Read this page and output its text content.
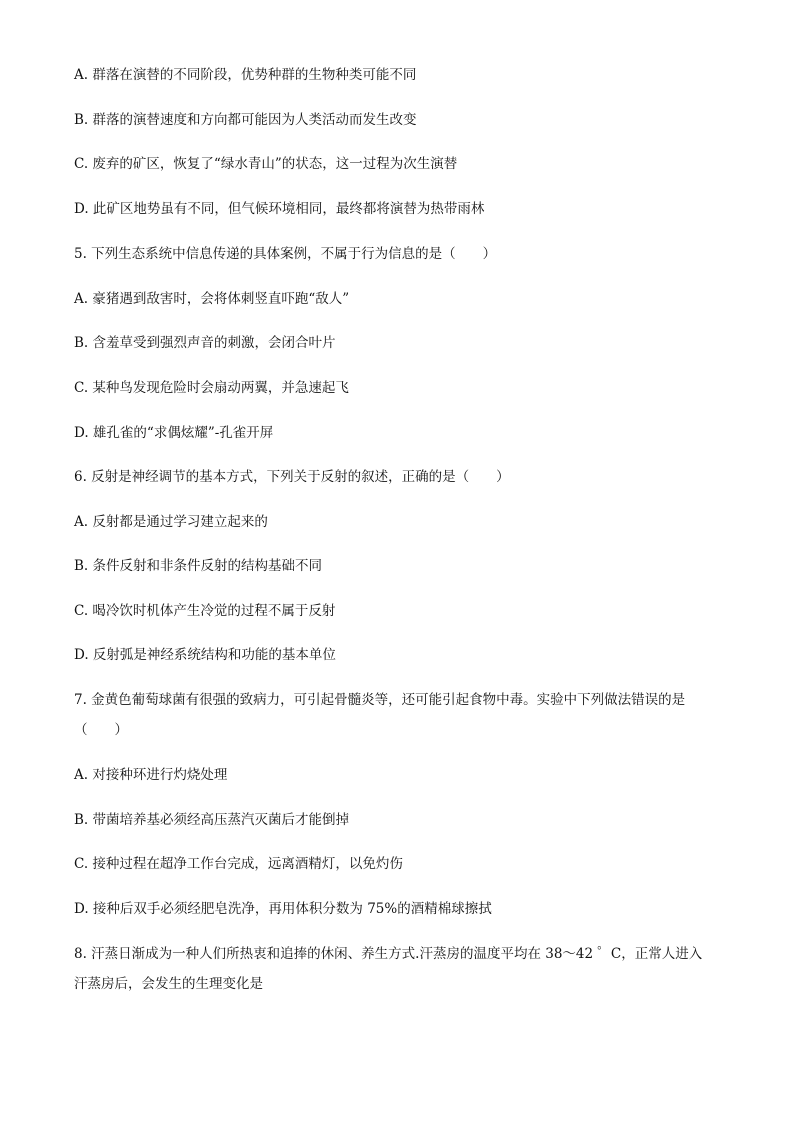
A. 群落在演替的不同阶段，优势种群的生物种类可能不同
B. 群落的演替速度和方向都可能因为人类活动而发生改变
C. 废弃的矿区，恢复了“绿水青山”的状态，这一过程为次生演替
D. 此矿区地势虽有不同，但气候环境相同，最终都将演替为热带雨林
5. 下列生态系统中信息传递的具体案例，不属于行为信息的是（　　）
A. 豪猪遇到敌害时，会将体刺竖直吓跑“敌人”
B. 含羞草受到强烈声音的刺激，会闭合叶片
C. 某种鸟发现危险时会扇动两翼，并急速起飞
D. 雄孔雀的“求偶炫耀”-孔雀开屏
6. 反射是神经调节的基本方式，下列关于反射的叙述，正确的是（　　）
A. 反射都是通过学习建立起来的
B. 条件反射和非条件反射的结构基础不同
C. 喝冷饮时机体产生冷觉的过程不属于反射
D. 反射弧是神经系统结构和功能的基本单位
7. 金黄色葡萄球菌有很强的致病力，可引起骨髓炎等，还可能引起食物中毒。实验中下列做法错误的是
（　　）
A. 对接种环进行灼烧处理
B. 带菌培养基必须经高压蒸汽灭菌后才能倒掉
C. 接种过程在超净工作台完成，远离酒精灯，以免灼伤
D. 接种后双手必须经肥皂洗净，再用体积分数为 75%的酒精棉球擦拭
8. 汗蒸日渐成为一种人们所热衷和追捧的休闲、养生方式.汗蒸房的温度平均在 38～42 ゜C，正常人进入
汗蒸房后，会发生的生理变化是
